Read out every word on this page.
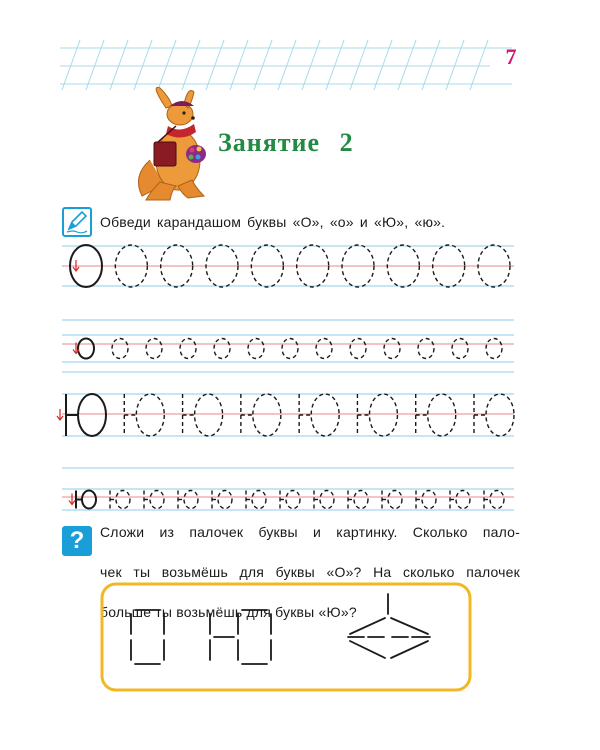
7
Занятие 2
Обведи карандашом буквы «О», «о» и «Ю», «ю».
?	Сложи из палочек буквы и картинку. Сколько пало-
чек ты возьмёшь для буквы «О»? На сколько палочек
больше ты возьмёшь для буквы «Ю»?
